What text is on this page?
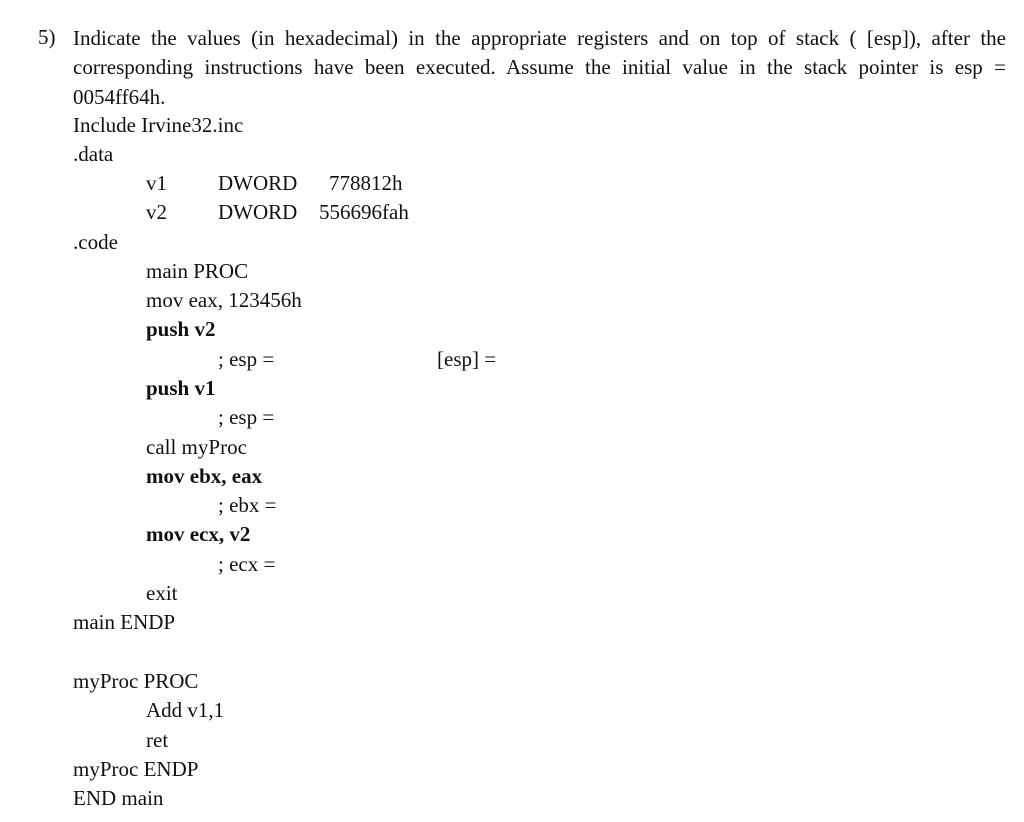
5) Indicate the values (in hexadecimal) in the appropriate registers and on top of stack ( [esp]), after the corresponding instructions have been executed. Assume the initial value in the stack pointer is esp = 0054ff64h.
Include Irvine32.inc
.data
v1 DWORD 778812h
v2 DWORD 556696fah
.code
main PROC
mov eax, 123456h
push v2
; esp =	[esp] =
push v1
; esp =
call myProc
mov ebx, eax
; ebx =
mov ecx, v2
; ecx =
exit
main ENDP
myProc PROC
Add v1,1
ret
myProc ENDP
END main
